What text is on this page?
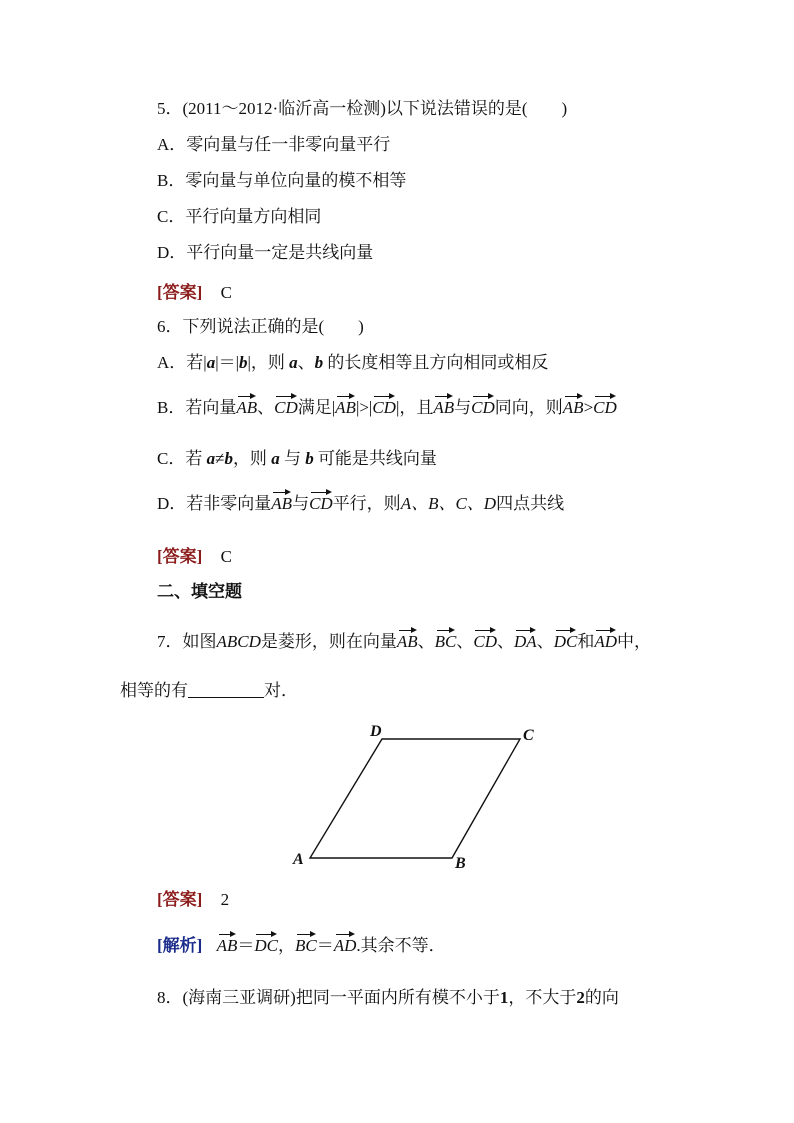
5．(2011～2012·临沂高一检测)以下说法错误的是(　　)
A．零向量与任一非零向量平行
B．零向量与单位向量的模不相等
C．平行向量方向相同
D．平行向量一定是共线向量
[答案] C
6．下列说法正确的是(　　)
A．若|a|＝|b|，则 a、b 的长度相等且方向相同或相反
B．若向量AB、CD满足|AB|>|CD|，且AB与CD同向，则AB>CD
C．若 a≠b，则 a 与 b 可能是共线向量
D．若非零向量AB与CD平行，则A、B、C、D四点共线
[答案] C
二、填空题
7．如图ABCD是菱形，则在向量AB、BC、CD、DA、DC和AD中，
相等的有	对．
D	C
A	B
[答案] 2
[解析] AB＝DC，BC＝AD.其余不等．
8．(海南三亚调研)把同一平面内所有模不小于1，不大于2的向
